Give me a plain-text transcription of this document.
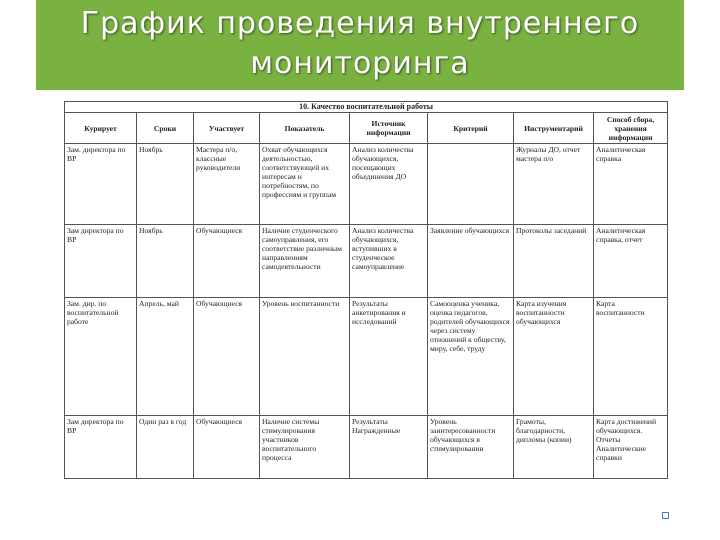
График проведения внутреннего
мониторинга
10. Качество воспитательной работы							
Курирует	Сроки	Участвует	Показатель	Источник информации	Критерий	Инструментарий	Способ сбора, хранения информации
Зам. директора по ВР	Ноябрь	Мастера п/о, классные руководители	Охват обучающихся деятельностью, соответствующей их интересам и потребностям, по профессиям и группам	Анализ количества обучающихся, посещающих объединения ДО		Журналы ДО, отчет мастера п/о	Аналитическая справка
Зам директора по ВР	Ноябрь	Обучающиеся	Наличие студенческого самоуправления, его соответствие различным направлениям самодеятельности	Анализ количества обучающихся, вступивших в студенческое самоуправление	Заявление обучающихся	Протоколы заседаний	Аналитическая справка, отчет
Зам. дир. по воспитательной работе	Апрель, май	Обучающиеся	Уровень воспитанности	Результаты анкетирования и исследований	Самооценка ученика, оценка педагогов, родителей обучающихся через систему отношений к обществу, миру, себе, труду	Карта изучения воспитанности обучающихся	Карта воспитанности
Зам директора по ВР	Один раз в год	Обучающиеся	Наличие системы стимулирования участников воспитательного процесса	Результаты Награжденные	Уровень заинтересованности обучающихся в стимулировании	Грамоты, благодарности, дипломы (копии)	Карта достижений обучающихся. Отчеты Аналитические справки
